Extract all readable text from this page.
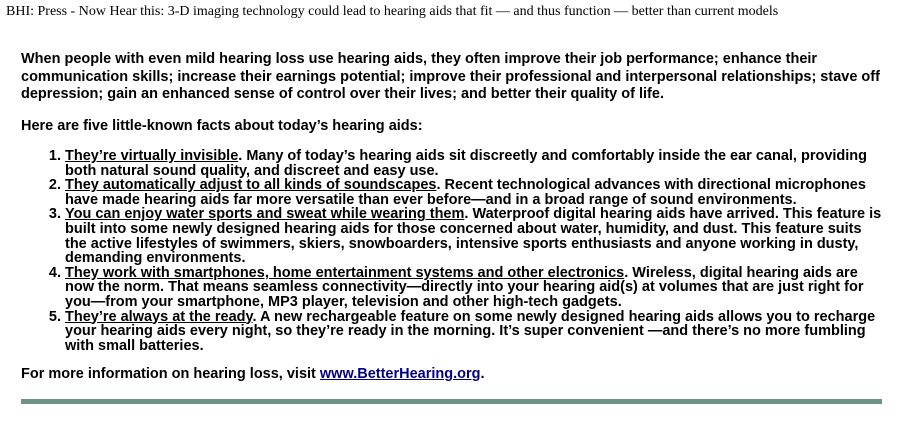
BHI: Press - Now Hear this: 3-D imaging technology could lead to hearing aids that fit — and thus function — better than current models

When people with even mild hearing loss use hearing aids, they often improve their job performance; enhance their communication skills; increase their earnings potential; improve their professional and interpersonal relationships; stave off depression; gain an enhanced sense of control over their lives; and better their quality of life.

Here are five little-known facts about today’s hearing aids:

1. They’re virtually invisible. Many of today’s hearing aids sit discreetly and comfortably inside the ear canal, providing both natural sound quality, and discreet and easy use.
2. They automatically adjust to all kinds of soundscapes. Recent technological advances with directional microphones have made hearing aids far more versatile than ever before—and in a broad range of sound environments.
3. You can enjoy water sports and sweat while wearing them. Waterproof digital hearing aids have arrived. This feature is built into some newly designed hearing aids for those concerned about water, humidity, and dust. This feature suits the active lifestyles of swimmers, skiers, snowboarders, intensive sports enthusiasts and anyone working in dusty, demanding environments.
4. They work with smartphones, home entertainment systems and other electronics. Wireless, digital hearing aids are now the norm. That means seamless connectivity—directly into your hearing aid(s) at volumes that are just right for you—from your smartphone, MP3 player, television and other high-tech gadgets.
5. They’re always at the ready. A new rechargeable feature on some newly designed hearing aids allows you to recharge your hearing aids every night, so they’re ready in the morning. It’s super convenient —and there’s no more fumbling with small batteries.

For more information on hearing loss, visit www.BetterHearing.org.
